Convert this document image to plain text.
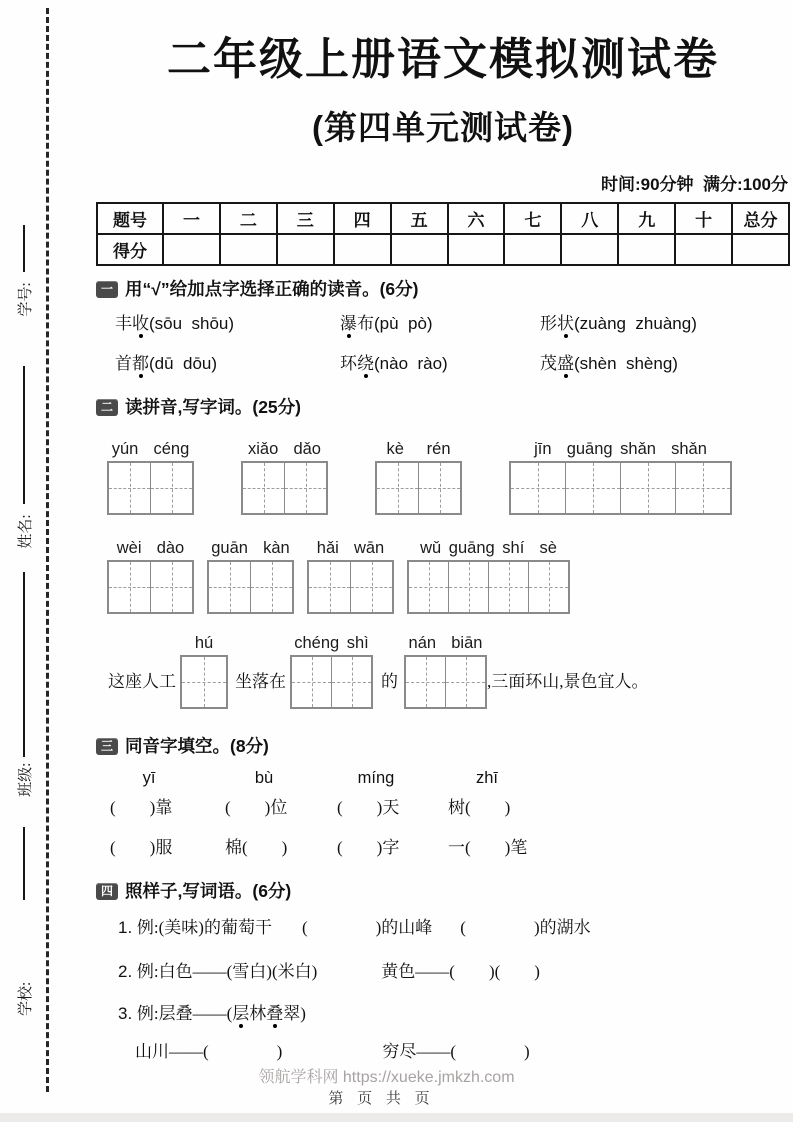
学校:
班级:
姓名:
学号:
二年级上册语文模拟测试卷
(第四单元测试卷)
时间:90分钟  满分:100分
题号	一	二	三	四	五	六	七	八	九	十	总分
得分											
一 用“√”给加点字选择正确的读音。(6分)
丰收(sōu  shōu)	瀑布(pù  pò)	形状(zuàng  zhuàng)
首都(dū  dōu)	环绕(nào  rào)	茂盛(shèn  shèng)
二 读拼音,写字词。(25分)
yún  céng	xiǎo  dǎo	kè   rén	jīn  guāng shǎn  shǎn
wèi  dào guān  kàn hǎi  wān wǔ guāng shí  sè
这座人工
hú
坐落在
chéng shì
的
nán  biān
,三面环山,景色宜人。
三 同音字填空。(8分)
yī	bù	míng	zhī
(　　)靠	(　　)位	(　　)天	树(　　)
(　　)服	棉(　　)	(　　)字	一(　　)笔
四 照样子,写词语。(6分)
1. 例:(美味)的葡萄干 (　　　　)的山峰 (　　　　)的湖水
2. 例:白色——(雪白)(米白)	黄色——(　　)(　　)
3. 例:层叠——(层林叠翠)
山川——(　　　　)	穷尽——(　　　　)
领航学科网 https://xueke.jmkzh.com
第 页 共 页
